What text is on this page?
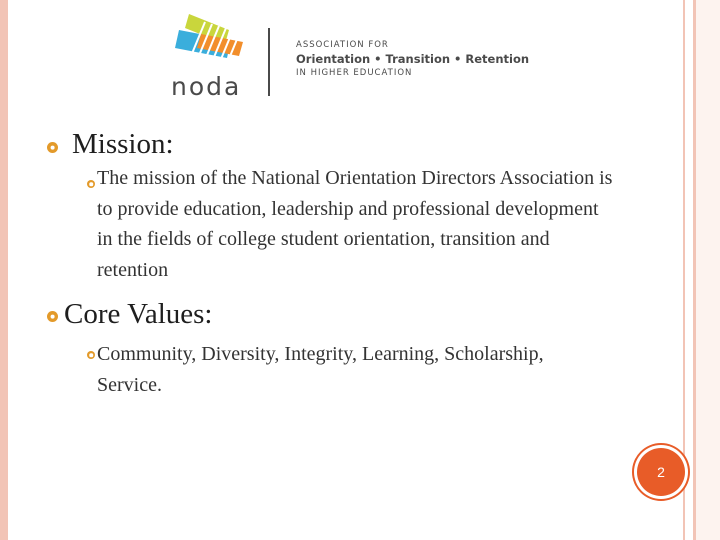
noda
ASSOCIATION FOR
Orientation • Transition • Retention
IN HIGHER EDUCATION
Mission:
The mission of the National Orientation Directors Association is to provide education, leadership and professional development in the fields of college student orientation, transition and retention
Core Values:
Community, Diversity, Integrity, Learning, Scholarship, Service.
2
